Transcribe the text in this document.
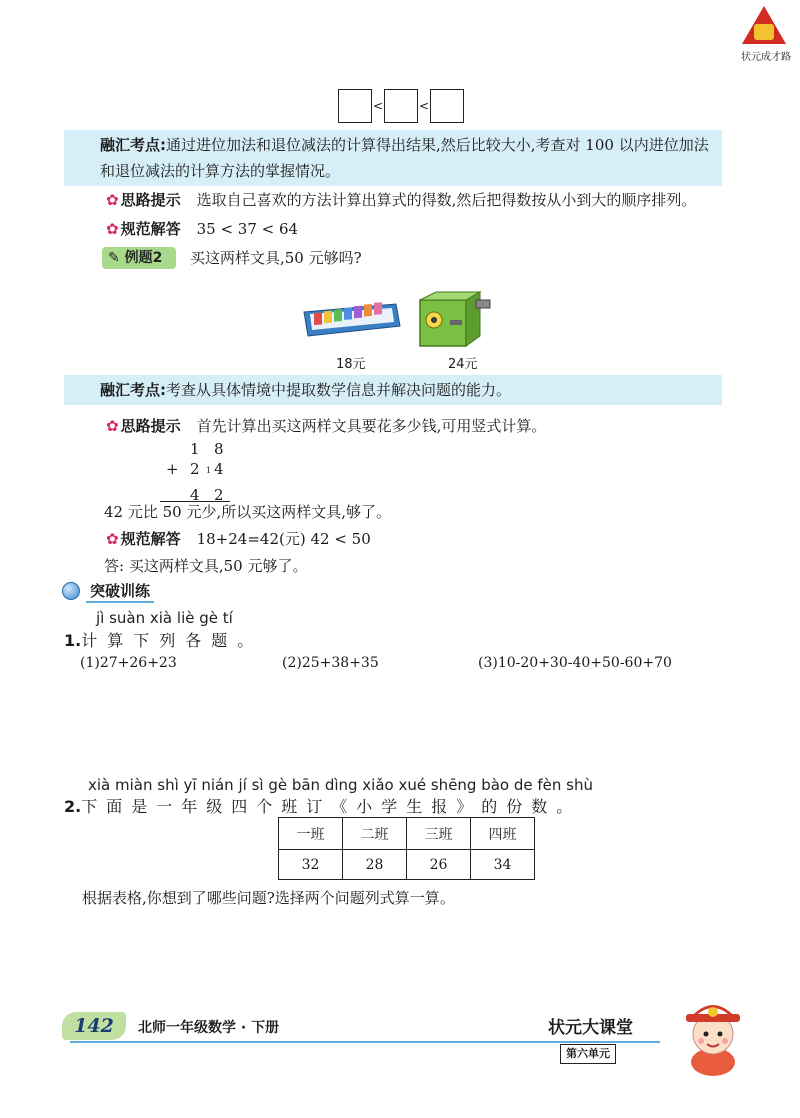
状元成才路
<	<
融汇考点:通过进位加法和退位减法的计算得出结果,然后比较大小,考查对 100 以内进位加法和退位减法的计算方法的掌握情况。
✿ 思路提示 选取自己喜欢的方法计算出算式的得数,然后把得数按从小到大的顺序排列。
✿ 规范解答 35 < 37 < 64
✎ 例题2	买这两样文具,50 元够吗?
18元	24元
融汇考点:考查从具体情境中提取数学信息并解决问题的能力。
✿ 思路提示 首先计算出买这两样文具要花多少钱,可用竖式计算。
1 8
+ 2 1 4
4 2
42 元比 50 元少,所以买这两样文具,够了。
✿ 规范解答 18+24=42(元) 42 < 50
答: 买这两样文具,50 元够了。
突破训练
jì suàn xià liè gè tí
1.计算下列各题。
(1)27+26+23	(2)25+38+35	(3)10-20+30-40+50-60+70
xià miàn shì yī nián jí sì gè bān dìng xiǎo xué shēng bào de fèn shù
2.下面是一年级四个班订《小学生报》的份数。
一班	二班	三班	四班
32	28	26	34
根据表格,你想到了哪些问题?选择两个问题列式算一算。
142	北师一年级数学 · 下册	状元大课堂
第六单元
